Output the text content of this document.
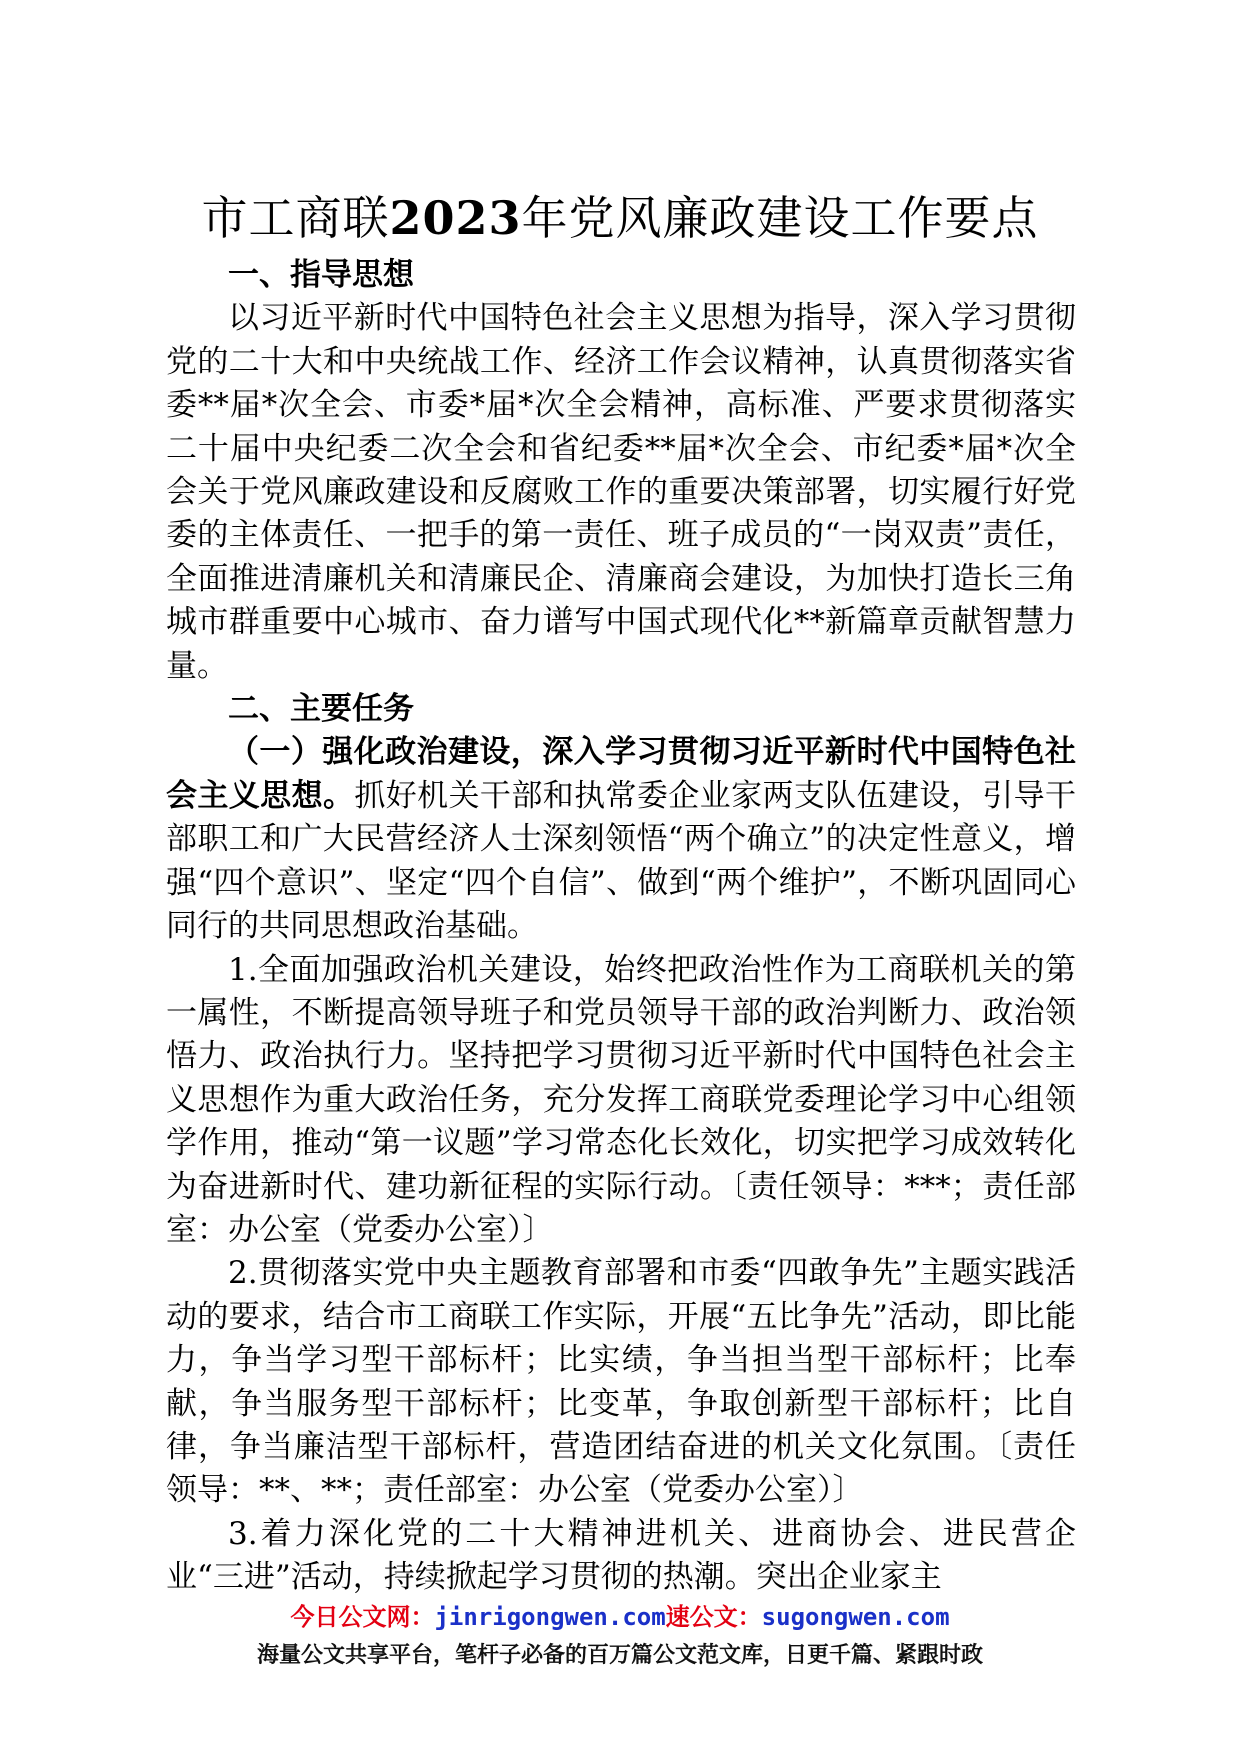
市工商联2023年党风廉政建设工作要点
一、指导思想

以习近平新时代中国特色社会主义思想为指导，深入学习贯彻党的二十大和中央统战工作、经济工作会议精神，认真贯彻落实省委**届*次全会、市委*届*次全会精神，高标准、严要求贯彻落实二十届中央纪委二次全会和省纪委**届*次全会、市纪委*届*次全会关于党风廉政建设和反腐败工作的重要决策部署，切实履行好党委的主体责任、一把手的第一责任、班子成员的“一岗双责”责任，全面推进清廉机关和清廉民企、清廉商会建设，为加快打造长三角城市群重要中心城市、奋力谱写中国式现代化**新篇章贡献智慧力量。

二、主要任务

（一）强化政治建设，深入学习贯彻习近平新时代中国特色社会主义思想。抓好机关干部和执常委企业家两支队伍建设，引导干部职工和广大民营经济人士深刻领悟“两个确立”的决定性意义，增强“四个意识”、坚定“四个自信”、做到“两个维护”，不断巩固同心同行的共同思想政治基础。

1.全面加强政治机关建设，始终把政治性作为工商联机关的第一属性，不断提高领导班子和党员领导干部的政治判断力、政治领悟力、政治执行力。坚持把学习贯彻习近平新时代中国特色社会主义思想作为重大政治任务，充分发挥工商联党委理论学习中心组领学作用，推动“第一议题”学习常态化长效化，切实把学习成效转化为奋进新时代、建功新征程的实际行动。〔责任领导：***；责任部室：办公室（党委办公室）〕

2.贯彻落实党中央主题教育部署和市委“四敢争先”主题实践活动的要求，结合市工商联工作实际，开展“五比争先”活动，即比能力，争当学习型干部标杆；比实绩，争当担当型干部标杆；比奉献，争当服务型干部标杆；比变革，争取创新型干部标杆；比自律，争当廉洁型干部标杆，营造团结奋进的机关文化氛围。〔责任领导：**、**；责任部室：办公室（党委办公室）〕

3.着力深化党的二十大精神进机关、进商协会、进民营企业“三进”活动，持续掀起学习贯彻的热潮。突出企业家主

今日公文网：jinrigongwen.com速公文：sugongwen.com
海量公文共享平台，笔杆子必备的百万篇公文范文库，日更千篇、紧跟时政
